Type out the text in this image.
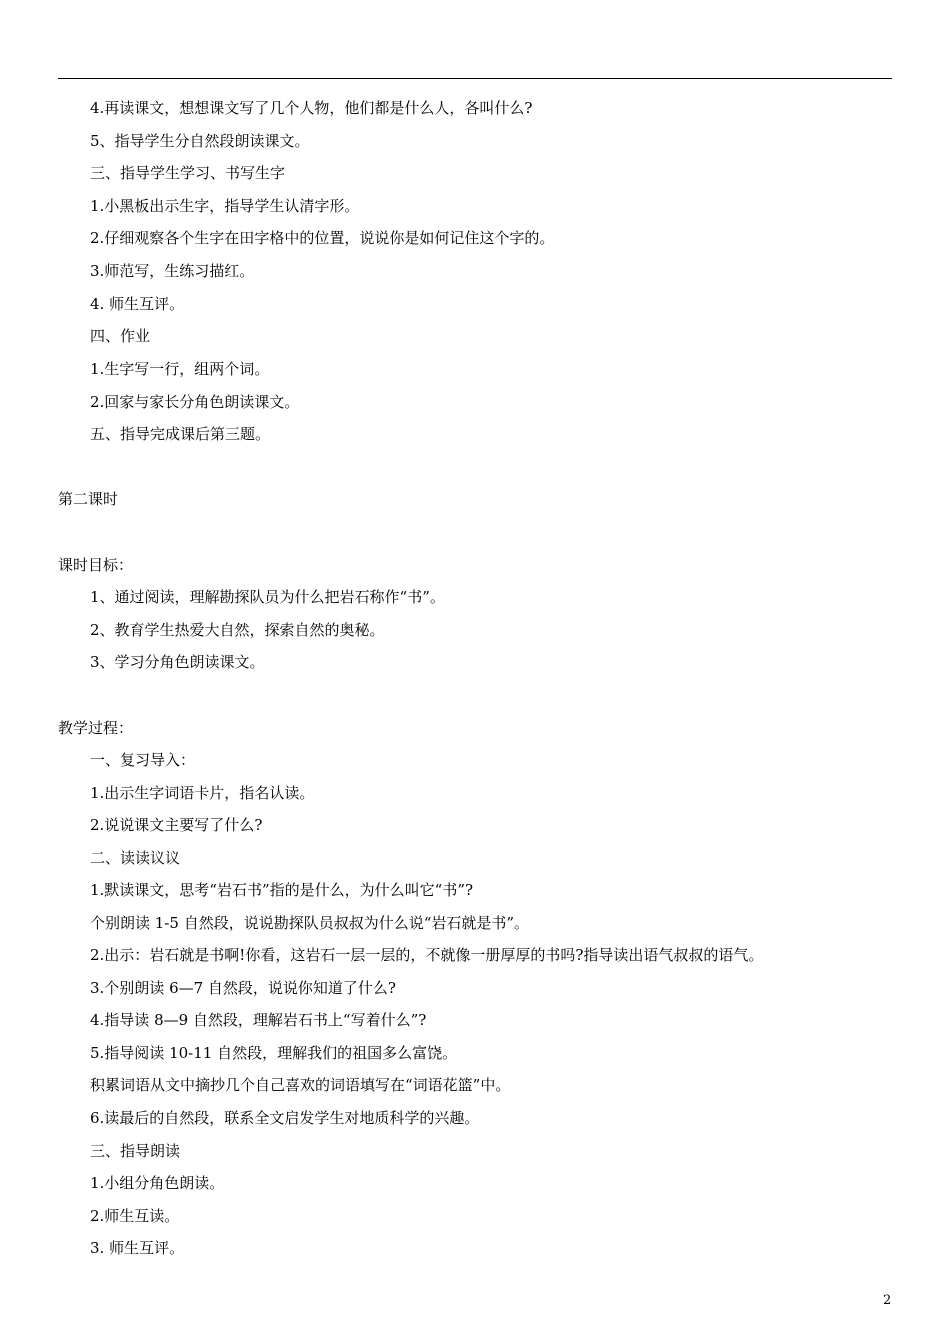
4.再读课文，想想课文写了几个人物，他们都是什么人，各叫什么?
5、指导学生分自然段朗读课文。
三、指导学生学习、书写生字
1.小黑板出示生字，指导学生认清字形。
2.仔细观察各个生字在田字格中的位置，说说你是如何记住这个字的。
3.师范写，生练习描红。
4. 师生互评。
四、作业
1.生字写一行，组两个词。
2.回家与家长分角色朗读课文。
五、指导完成课后第三题。
第二课时
课时目标：
1、通过阅读，理解勘探队员为什么把岩石称作“书”。
2、教育学生热爱大自然，探索自然的奥秘。
3、学习分角色朗读课文。
教学过程：
一、复习导入：
1.出示生字词语卡片，指名认读。
2.说说课文主要写了什么?
二、读读议议
1.默读课文，思考“岩石书”指的是什么，为什么叫它“书”?
个别朗读 1-5 自然段，说说勘探队员叔叔为什么说“岩石就是书”。
2.出示：岩石就是书啊!你看，这岩石一层一层的，不就像一册厚厚的书吗?指导读出语气叔叔的语气。
3.个别朗读 6—7 自然段，说说你知道了什么?
4.指导读 8—9 自然段，理解岩石书上“写着什么”?
5.指导阅读 10-11 自然段，理解我们的祖国多么富饶。
积累词语从文中摘抄几个自己喜欢的词语填写在“词语花篮”中。
6.读最后的自然段，联系全文启发学生对地质科学的兴趣。
三、指导朗读
1.小组分角色朗读。
2.师生互读。
3. 师生互评。
2
